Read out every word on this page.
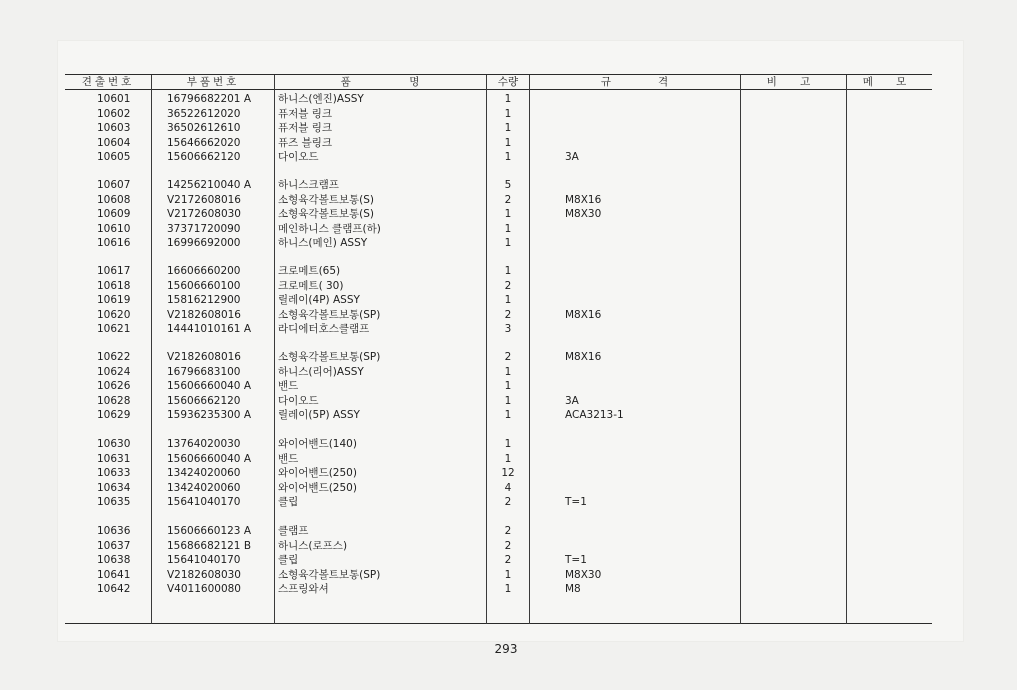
견출번호	부품번호	품　　　　　명	수량	규　　　　격	비 고	메 모
10601	16796682201 A	하니스(엔진)ASSY	1
10602	36522612020	퓨저블 링크	1
10603	36502612610	퓨저블 링크	1
10604	15646662020	퓨즈 블링크	1
10605	15606662120	다이오드	1	3A
10607	14256210040 A	하니스크램프	5
10608	V2172608016	소형육각볼트보통(S)	2	M8X16
10609	V2172608030	소형육각볼트보통(S)	1	M8X30
10610	37371720090	메인하니스 클램프(하)	1
10616	16996692000	하니스(메인) ASSY	1
10617	16606660200	크로메트(65)	1
10618	15606660100	크로메트( 30)	2
10619	15816212900	릴레이(4P) ASSY	1
10620	V2182608016	소형육각볼트보통(SP)	2	M8X16
10621	14441010161 A	라디에터호스클램프	3
10622	V2182608016	소형육각볼트보통(SP)	2	M8X16
10624	16796683100	하니스(리어)ASSY	1
10626	15606660040 A	밴드	1
10628	15606662120	다이오드	1	3A
10629	15936235300 A	릴레이(5P) ASSY	1	ACA3213-1
10630	13764020030	와이어밴드(140)	1
10631	15606660040 A	밴드	1
10633	13424020060	와이어밴드(250)	12
10634	13424020060	와이어밴드(250)	4
10635	15641040170	클립	2	T=1
10636	15606660123 A	클램프	2
10637	15686682121 B	하니스(로프스)	2
10638	15641040170	클립	2	T=1
10641	V2182608030	소형육각볼트보통(SP)	1	M8X30
10642	V4011600080	스프링와셔	1	M8
293
